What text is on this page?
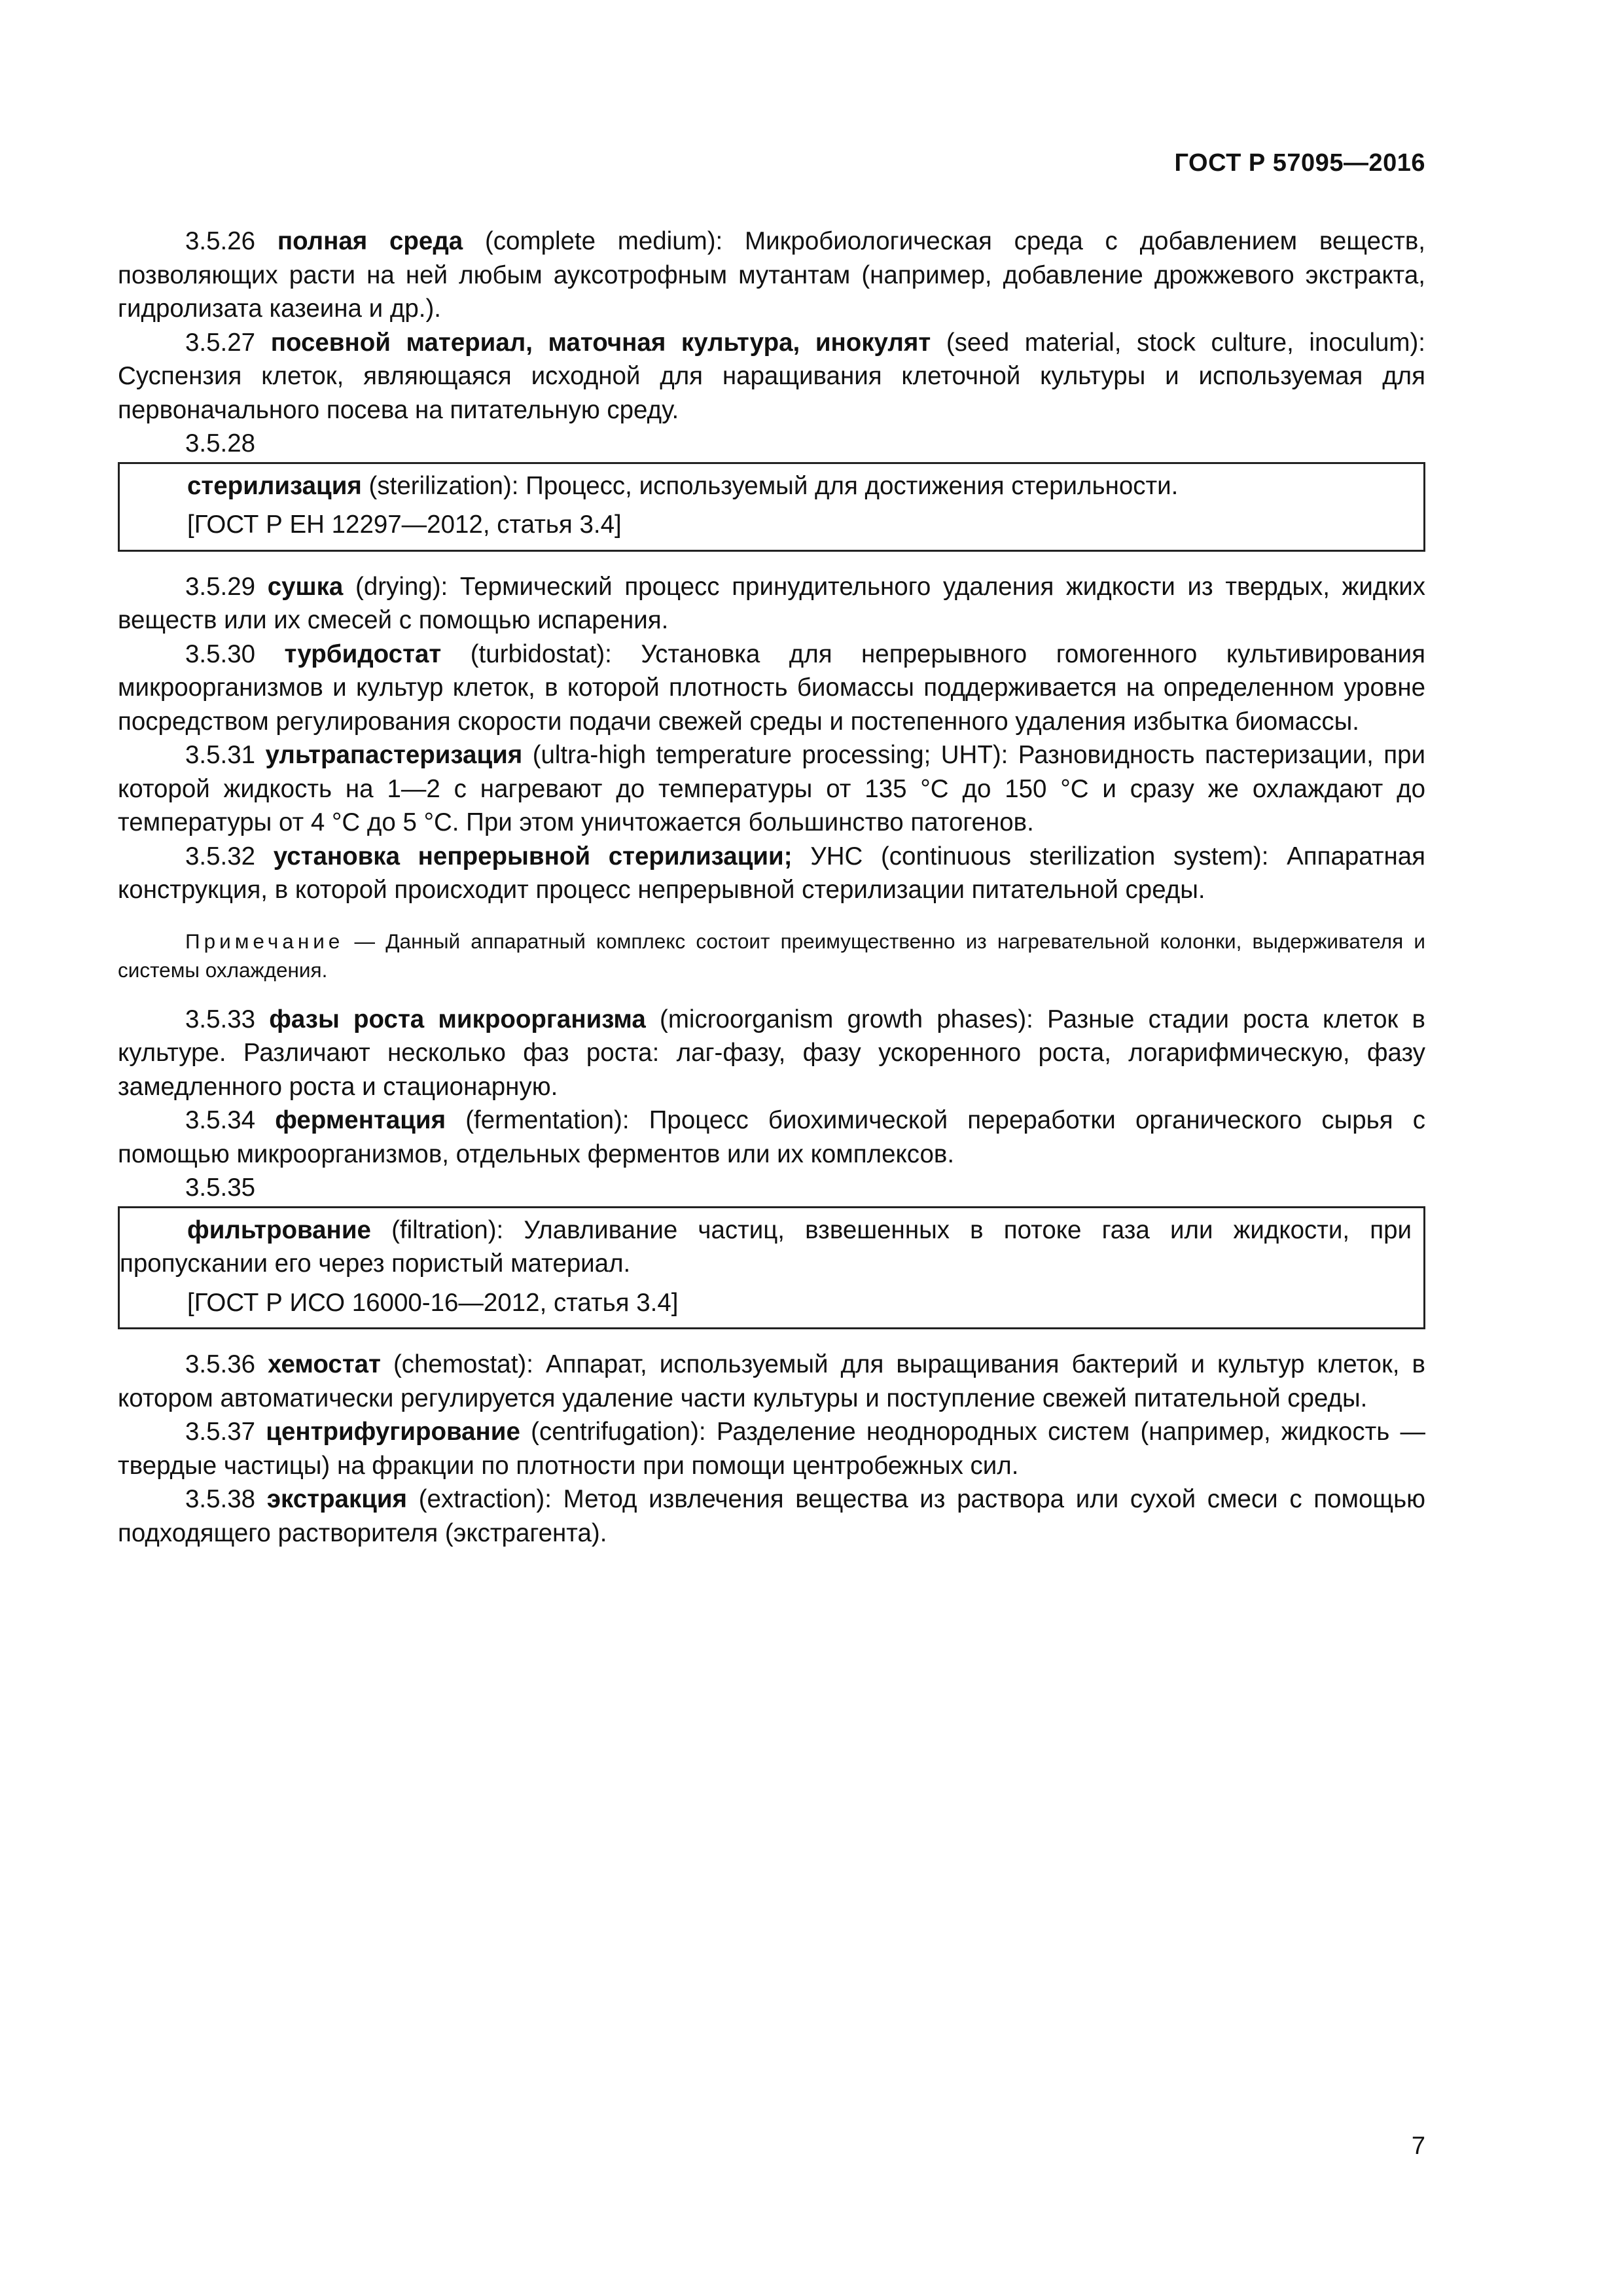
ГОСТ Р 57095—2016

3.5.26 полная среда (complete medium): Микробиологическая среда с добавлением веществ, позволяющих расти на ней любым ауксотрофным мутантам (например, добавление дрожжевого экстракта, гидролизата казеина и др.).

3.5.27 посевной материал, маточная культура, инокулят (seed material, stock culture, inoculum): Суспензия клеток, являющаяся исходной для наращивания клеточной культуры и используемая для первоначального посева на питательную среду.

3.5.28

стерилизация (sterilization): Процесс, используемый для достижения стерильности.

[ГОСТ Р ЕН 12297—2012, статья 3.4]

3.5.29 сушка (drying): Термический процесс принудительного удаления жидкости из твердых, жидких веществ или их смесей с помощью испарения.

3.5.30 турбидостат (turbidostat): Установка для непрерывного гомогенного культивирования микроорганизмов и культур клеток, в которой плотность биомассы поддерживается на определенном уровне посредством регулирования скорости подачи свежей среды и постепенного удаления избытка биомассы.

3.5.31 ультрапастеризация (ultra-high temperature processing; UHT): Разновидность пастеризации, при которой жидкость на 1—2 с нагревают до температуры от 135 °С до 150 °С и сразу же охлаждают до температуры от 4 °С до 5 °С. При этом уничтожается большинство патогенов.

3.5.32 установка непрерывной стерилизации; УНС (continuous sterilization system): Аппаратная конструкция, в которой происходит процесс непрерывной стерилизации питательной среды.

Примечание — Данный аппаратный комплекс состоит преимущественно из нагревательной колонки, выдерживателя и системы охлаждения.

3.5.33 фазы роста микроорганизма (microorganism growth phases): Разные стадии роста клеток в культуре. Различают несколько фаз роста: лаг-фазу, фазу ускоренного роста, логарифмическую, фазу замедленного роста и стационарную.

3.5.34 ферментация (fermentation): Процесс биохимической переработки органического сырья с помощью микроорганизмов, отдельных ферментов или их комплексов.

3.5.35

фильтрование (filtration): Улавливание частиц, взвешенных в потоке газа или жидкости, при пропускании его через пористый материал.

[ГОСТ Р ИСО 16000-16—2012, статья 3.4]

3.5.36 хемостат (chemostat): Аппарат, используемый для выращивания бактерий и культур клеток, в котором автоматически регулируется удаление части культуры и поступление свежей питательной среды.

3.5.37 центрифугирование (centrifugation): Разделение неоднородных систем (например, жидкость — твердые частицы) на фракции по плотности при помощи центробежных сил.

3.5.38 экстракция (extraction): Метод извлечения вещества из раствора или сухой смеси с помощью подходящего растворителя (экстрагента).

7
